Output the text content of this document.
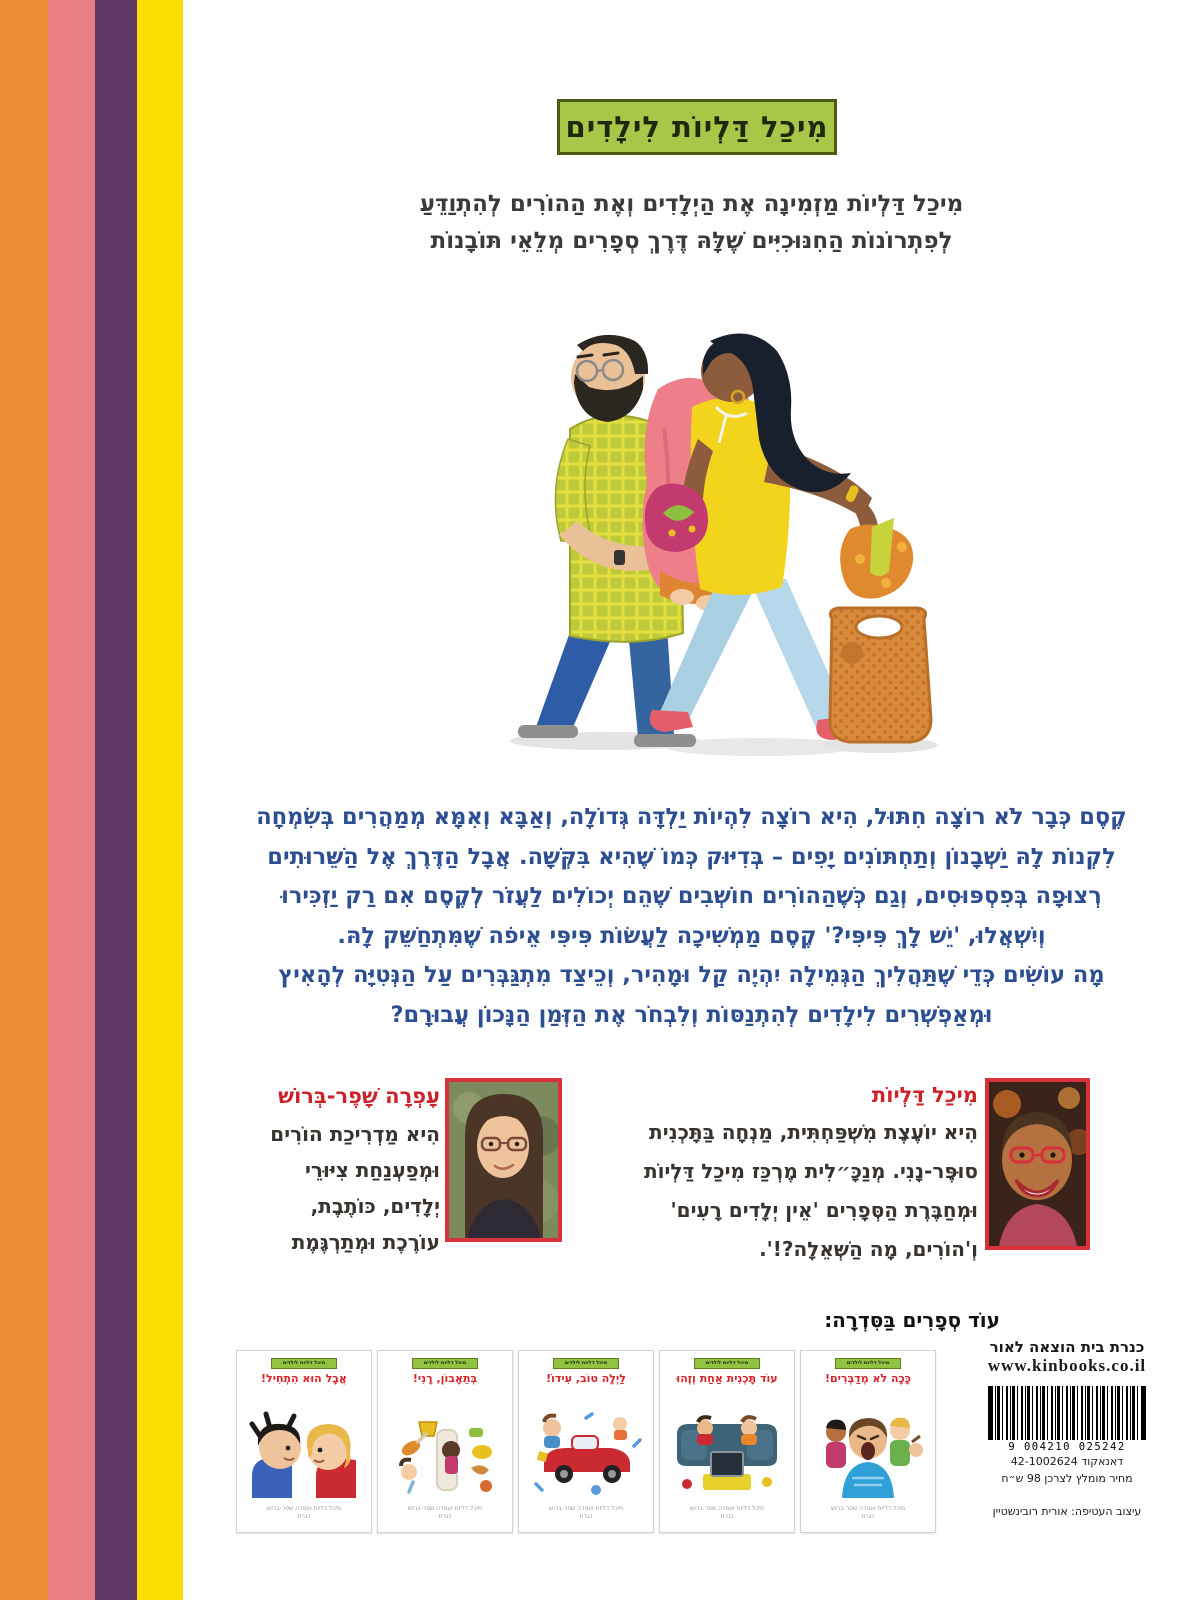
מִיכַל דַּלְיוֹת לִילָדִים
מִיכַל דַּלְיוֹת מַזְמִינָה אֶת הַיְלָדִים וְאֶת הַהוֹרִים לְהִתְוַדֵּעַ
לְפִתְרוֹנוֹת הַחִנּוּכִיִּים שֶׁלָּהּ דֶּרֶךְ סְפָרִים מְלֵאֵי תּוֹבָנוֹת
קֶסֶם כְּבָר לֹא רוֹצָה חִתּוּל, הִיא רוֹצָה לִהְיוֹת יַלְדָּה גְּדוֹלָה, וְאַבָּא וְאִמָּא מְמַהֲרִים בְּשִׂמְחָה
לִקְנוֹת לָהּ יַשְׁבָנוֹן וְתַחְתּוֹנִים יָפִים – בְּדִיּוּק כְּמוֹ שֶׁהִיא בִּקְּשָׁה. אֲבָל הַדֶּרֶךְ אֶל הַשֵּׁרוּתִים
רְצוּפָה בְּפִסְפּוּסִים, וְגַם כְּשֶׁהַהוֹרִים חוֹשְׁבִים שֶׁהֵם יְכוֹלִים לַעֲזֹר לְקֶסֶם אִם רַק יַזְכִּירוּ
וְיִשְׁאֲלוּ, 'יֵשׁ לָךְ פִּיפִּי?' קֶסֶם מַמְשִׁיכָה לַעֲשׂוֹת פִּיפִּי אֵיפֹה שֶׁמִּתְחַשֵּׁק לָהּ.
מָה עוֹשִׂים כְּדֵי שֶׁתַּהֲלִיךְ הַגְּמִילָה יִהְיֶה קַל וּמָהִיר, וְכֵיצַד מִתְגַּבְּרִים עַל הַנְּטִיָּה לְהָאִיץ
וּמְאַפְשְׁרִים לִילָדִים לְהִתְנַסּוֹת וְלִבְחֹר אֶת הַזְּמַן הַנָּכוֹן עֲבוּרָם?
מִיכַל דַּלְיוֹת
הִיא יוֹעֶצֶת מִשְׁפַּחְתִּית, מַנְחָה בַּתָּכְנִית
סוּפֶּר-נָנִי. מְנַכָּ״לִית מֶרְכַּז מִיכַל דַּלְיוֹת
וּמְחַבֶּרֶת הַסְּפָרִים 'אֵין יְלָדִים רָעִים'
וְ'הוֹרִים, מָה הַשְּׁאֵלָה?!'.
עָפְרָה שָׁפֶר-בְּרוֹשׁ
הִיא מַדְרִיכַת הוֹרִים
וּמְפַעְנַחַת צִיּוּרֵי
יְלָדִים, כּוֹתֶבֶת,
עוֹרֶכֶת וּמְתַרְגֶּמֶת
עוֹד סְפָרִים בַּסִּדְרָה:
מיכל דליות לילדים
אֲבָל הוּא הִתְחִיל!
מיכל דליות ועפרה שפר-ברוש
כנרת
מיכל דליות לילדים
בְּתֵאָבוֹן, רָנִי!
מיכל דליות ועפרה שפר-ברוש
כנרת
מיכל דליות לילדים
לַיְלָה טוֹב, עִידוֹ!
מיכל דליות ועפרה שפר-ברוש
כנרת
מיכל דליות לילדים
עוֹד תָּכְנִית אַחַת וְזֶהוּ
מיכל דליות ועפרה שפר-ברוש
כנרת
מיכל דליות לילדים
כָּכָה לֹא מְדַבְּרִים!
מיכל דליות ועפרה שפר-ברוש
כנרת
כנרת בית הוצאה לאור
www.kinbooks.co.il
9 004210 025242
דאנאקוד 42-1002624
מחיר מומלץ לצרכן 98 ש״ח
עיצוב העטיפה: אורית רובינשטיין
